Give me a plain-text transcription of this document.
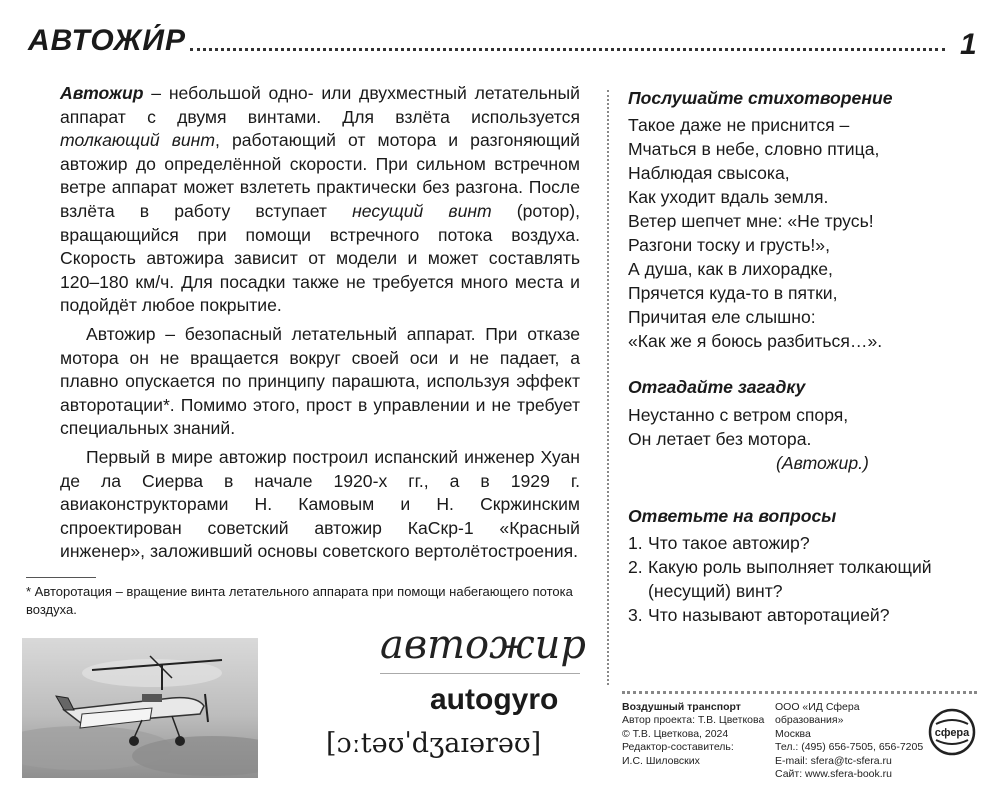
АВТОЖИ́Р	1

Автожир – небольшой одно- или двухместный летательный аппарат с двумя винтами. Для взлёта используется толкающий винт, работающий от мотора и разгоняющий автожир до определённой скорости. При сильном встречном ветре аппарат может взлететь практически без разгона. После взлёта в работу вступает несущий винт (ротор), вращающийся при помощи встречного потока воздуха. Скорость автожира зависит от модели и может составлять 120–180 км/ч. Для посадки также не требуется много места и подойдёт любое покрытие.

Автожир – безопасный летательный аппарат. При отказе мотора он не вращается вокруг своей оси и не падает, а плавно опускается по принципу парашюта, используя эффект авторотации*. Помимо этого, прост в управлении и не требует специальных знаний.

Первый в мире автожир построил испанский инженер Хуан де ла Сиерва в начале 1920-х гг., а в 1929 г. авиаконструкторами Н. Камовым и Н. Скржинским спроектирован советский автожир КаСкр-1 «Красный инженер», заложивший основы советского вертолётостроения.

* Авторотация – вращение винта летательного аппарата при помощи набегающего потока воздуха.
автожир
autogyro
[ɔːtəʊˈdʒaɪərəʊ]
Послушайте стихотворение
Такое даже не приснится –
Мчаться в небе, словно птица,
Наблюдая свысока,
Как уходит вдаль земля.
Ветер шепчет мне: «Не трусь!
Разгони тоску и грусть!»,
А душа, как в лихорадке,
Прячется куда-то в пятки,
Причитая еле слышно:
«Как же я боюсь разбиться…».
Отгадайте загадку
Неустанно с ветром споря,
Он летает без мотора.
(Автожир.)
Ответьте на вопросы
1. Что такое автожир?
2. Какую роль выполняет толкающий (несущий) винт?
3. Что называют авторотацией?
Воздушный транспорт
Автор проекта: Т.В. Цветкова
© Т.В. Цветкова, 2024
Редактор-составитель:
И.С. Шиловских
ООО «ИД Сфера образования»
Москва
Тел.: (495) 656-7505, 656-7205
E-mail: sfera@tc-sfera.ru
Сайт: www.sfera-book.ru
сфера
